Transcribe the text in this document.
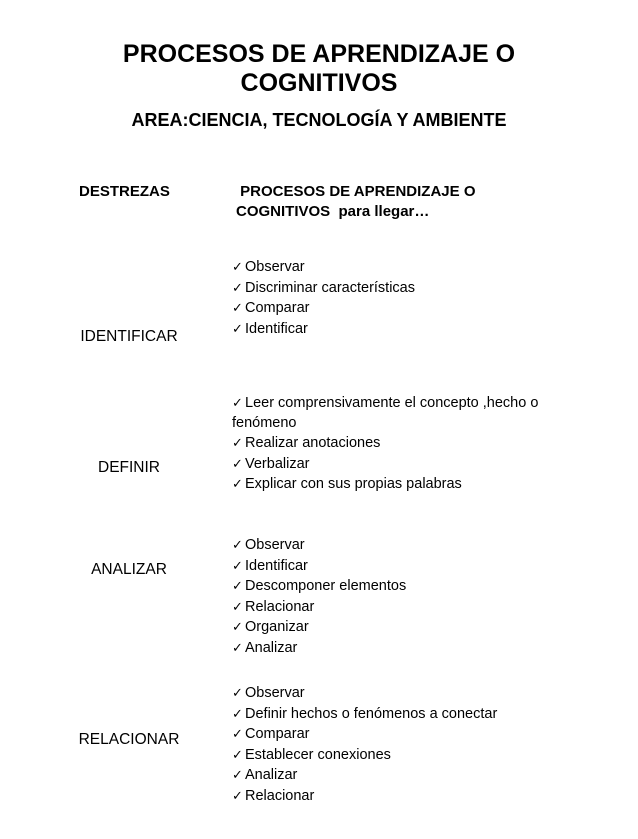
PROCESOS DE APRENDIZAJE O
COGNITIVOS
AREA:CIENCIA, TECNOLOGÍA Y AMBIENTE
DESTREZAS	PROCESOS DE APRENDIZAJE O
COGNITIVOS  para llegar…
IDENTIFICAR
✓ Observar
✓ Discriminar características
✓ Comparar
✓ Identificar
DEFINIR
✓ Leer comprensivamente el concepto ,hecho o
fenómeno
✓ Realizar anotaciones
✓ Verbalizar
✓ Explicar con sus propias palabras
ANALIZAR
✓ Observar
✓ Identificar
✓ Descomponer elementos
✓ Relacionar
✓ Organizar
✓ Analizar
RELACIONAR
✓ Observar
✓ Definir hechos o fenómenos a conectar
✓ Comparar
✓ Establecer conexiones
✓ Analizar
✓ Relacionar
